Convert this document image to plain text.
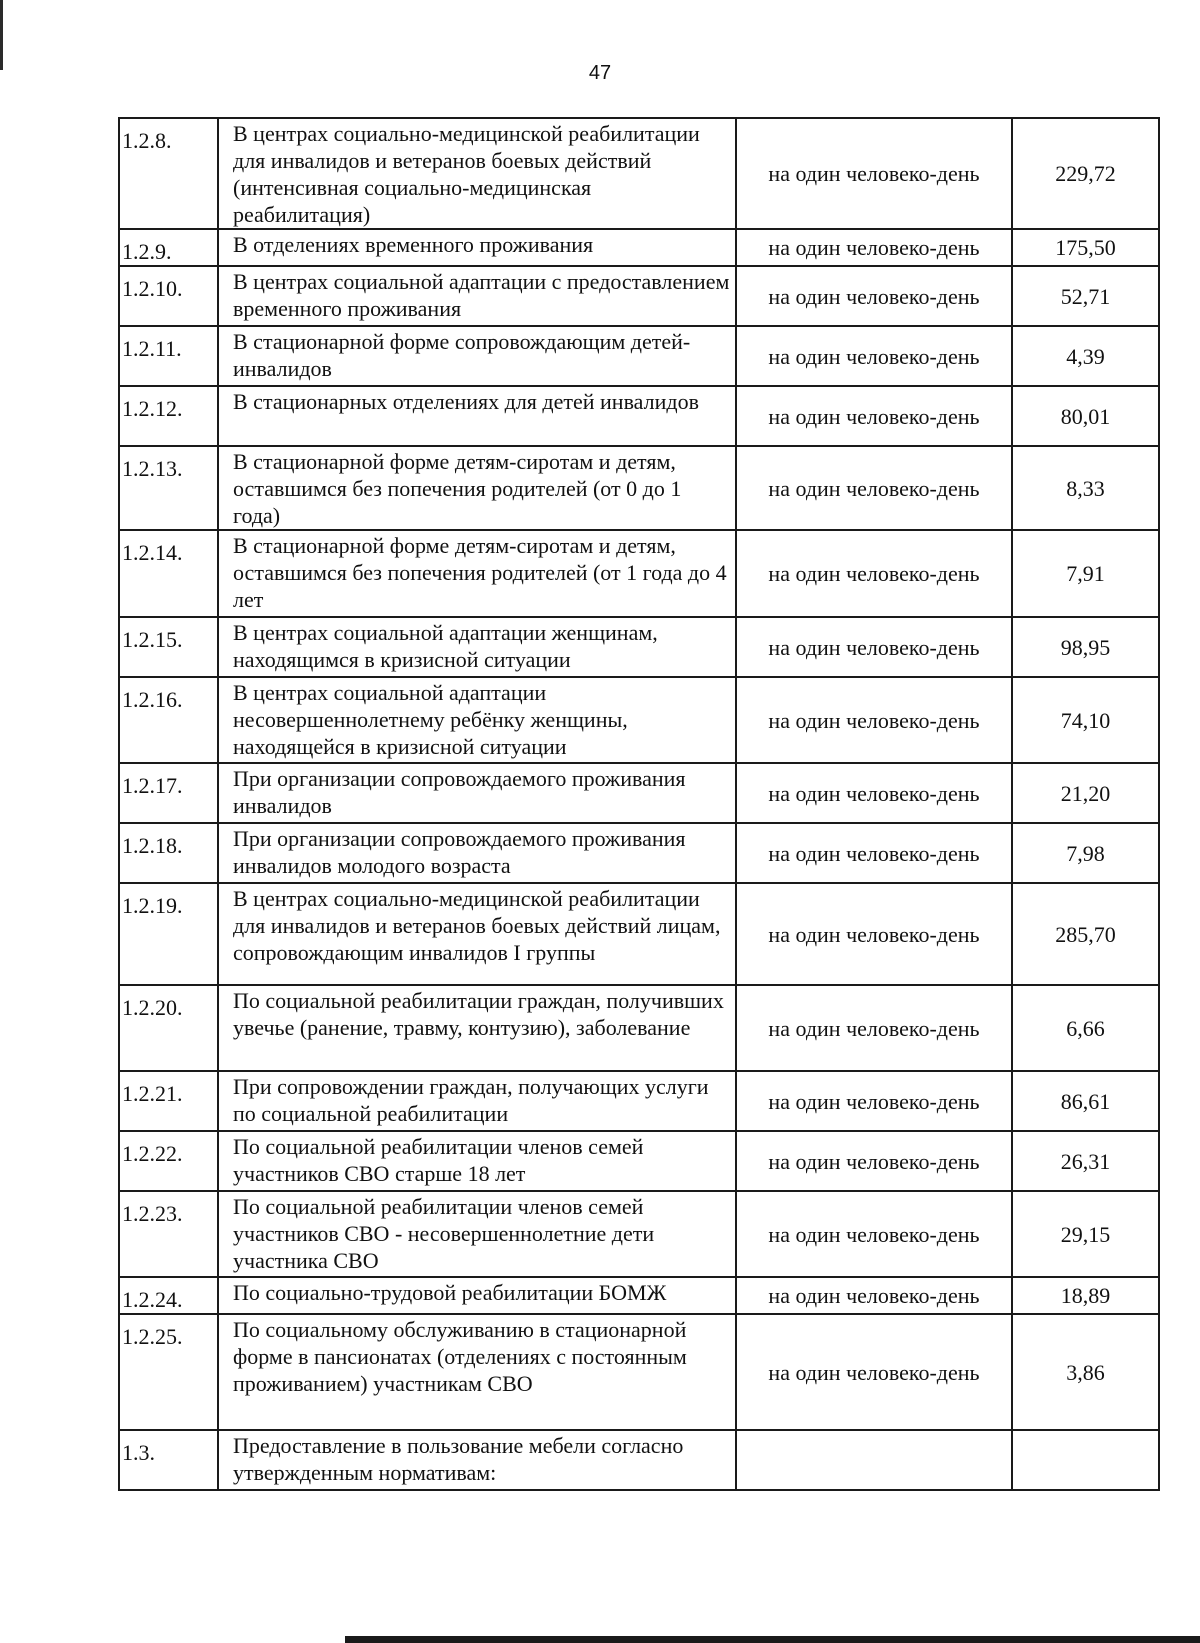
47
1.2.8.	В центрах социально-медицинской реабилитации для инвалидов и ветеранов боевых действий (интенсивная социально-медицинская реабилитация)	на один человеко-день	229,72
1.2.9.	В отделениях временного проживания	на один человеко-день	175,50
1.2.10.	В центрах социальной адаптации с предоставлением временного проживания	на один человеко-день	52,71
1.2.11.	В стационарной форме сопровождающим детей-инвалидов	на один человеко-день	4,39
1.2.12.	В стационарных отделениях для детей инвалидов	на один человеко-день	80,01
1.2.13.	В стационарной форме детям-сиротам и детям, оставшимся без попечения родителей (от 0 до 1 года)	на один человеко-день	8,33
1.2.14.	В стационарной форме детям-сиротам и детям, оставшимся без попечения родителей (от 1 года до 4 лет	на один человеко-день	7,91
1.2.15.	В центрах социальной адаптации женщинам, находящимся в кризисной ситуации	на один человеко-день	98,95
1.2.16.	В центрах социальной адаптации несовершеннолетнему ребёнку женщины, находящейся в кризисной ситуации	на один человеко-день	74,10
1.2.17.	При организации сопровождаемого проживания инвалидов	на один человеко-день	21,20
1.2.18.	При организации сопровождаемого проживания инвалидов молодого возраста	на один человеко-день	7,98
1.2.19.	В центрах социально-медицинской реабилитации для инвалидов и ветеранов боевых действий лицам, сопровождающим инвалидов I группы	на один человеко-день	285,70
1.2.20.	По социальной реабилитации граждан, получивших увечье (ранение, травму, контузию), заболевание	на один человеко-день	6,66
1.2.21.	При сопровождении граждан, получающих услуги по социальной реабилитации	на один человеко-день	86,61
1.2.22.	По социальной реабилитации членов семей участников СВО старше 18 лет	на один человеко-день	26,31
1.2.23.	По социальной реабилитации членов семей участников СВО - несовершеннолетние дети участника СВО	на один человеко-день	29,15
1.2.24.	По социально-трудовой реабилитации БОМЖ	на один человеко-день	18,89
1.2.25.	По социальному обслуживанию в стационарной форме в пансионатах (отделениях с постоянным проживанием) участникам СВО	на один человеко-день	3,86
1.3.	Предоставление в пользование мебели согласно утвержденным нормативам:		
